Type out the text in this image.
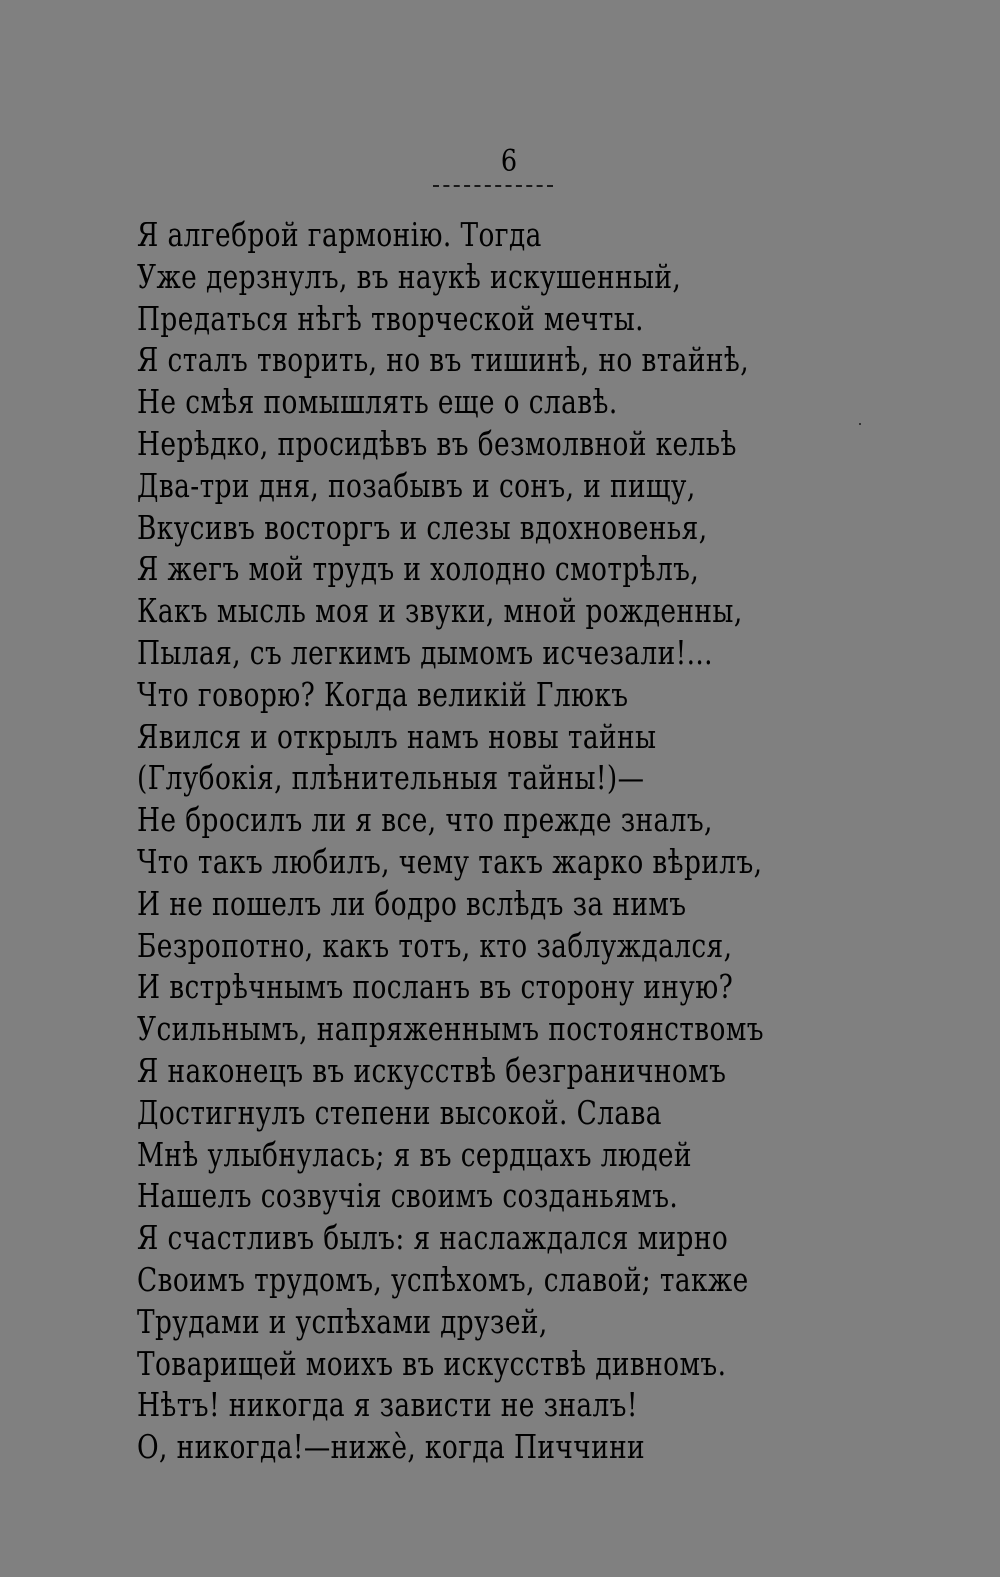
6
Я алгеброй гармонію. Тогда
Уже дерзнулъ, въ наукѣ искушенный,
Предаться нѣгѣ творческой мечты.
Я сталъ творить, но въ тишинѣ, но втайнѣ,
Не смѣя помышлять еще о славѣ.
Нерѣдко, просидѣвъ въ безмолвной кельѣ
Два-три дня, позабывъ и сонъ, и пищу,
Вкусивъ восторгъ и слезы вдохновенья,
Я жегъ мой трудъ и холодно смотрѣлъ,
Какъ мысль моя и звуки, мной рожденны,
Пылая, съ легкимъ дымомъ исчезали!...
Что говорю? Когда великій Глюкъ
Явился и открылъ намъ новы тайны
(Глубокія, плѣнительныя тайны!)—
Не бросилъ ли я все, что прежде зналъ,
Что такъ любилъ, чему такъ жарко вѣрилъ,
И не пошелъ ли бодро вслѣдъ за нимъ
Безропотно, какъ тотъ, кто заблуждался,
И встрѣчнымъ посланъ въ сторону иную?
Усильнымъ, напряженнымъ постоянствомъ
Я наконецъ въ искусствѣ безграничномъ
Достигнулъ степени высокой. Слава
Мнѣ улыбнулась; я въ сердцахъ людей
Нашелъ созвучія своимъ созданьямъ.
Я счастливъ былъ: я наслаждался мирно
Своимъ трудомъ, успѣхомъ, славой; также
Трудами и успѣхами друзей,
Товарищей моихъ въ искусствѣ дивномъ.
Нѣтъ! никогда я зависти не зналъ!
О, никогда!—нижè, когда Пиччини
